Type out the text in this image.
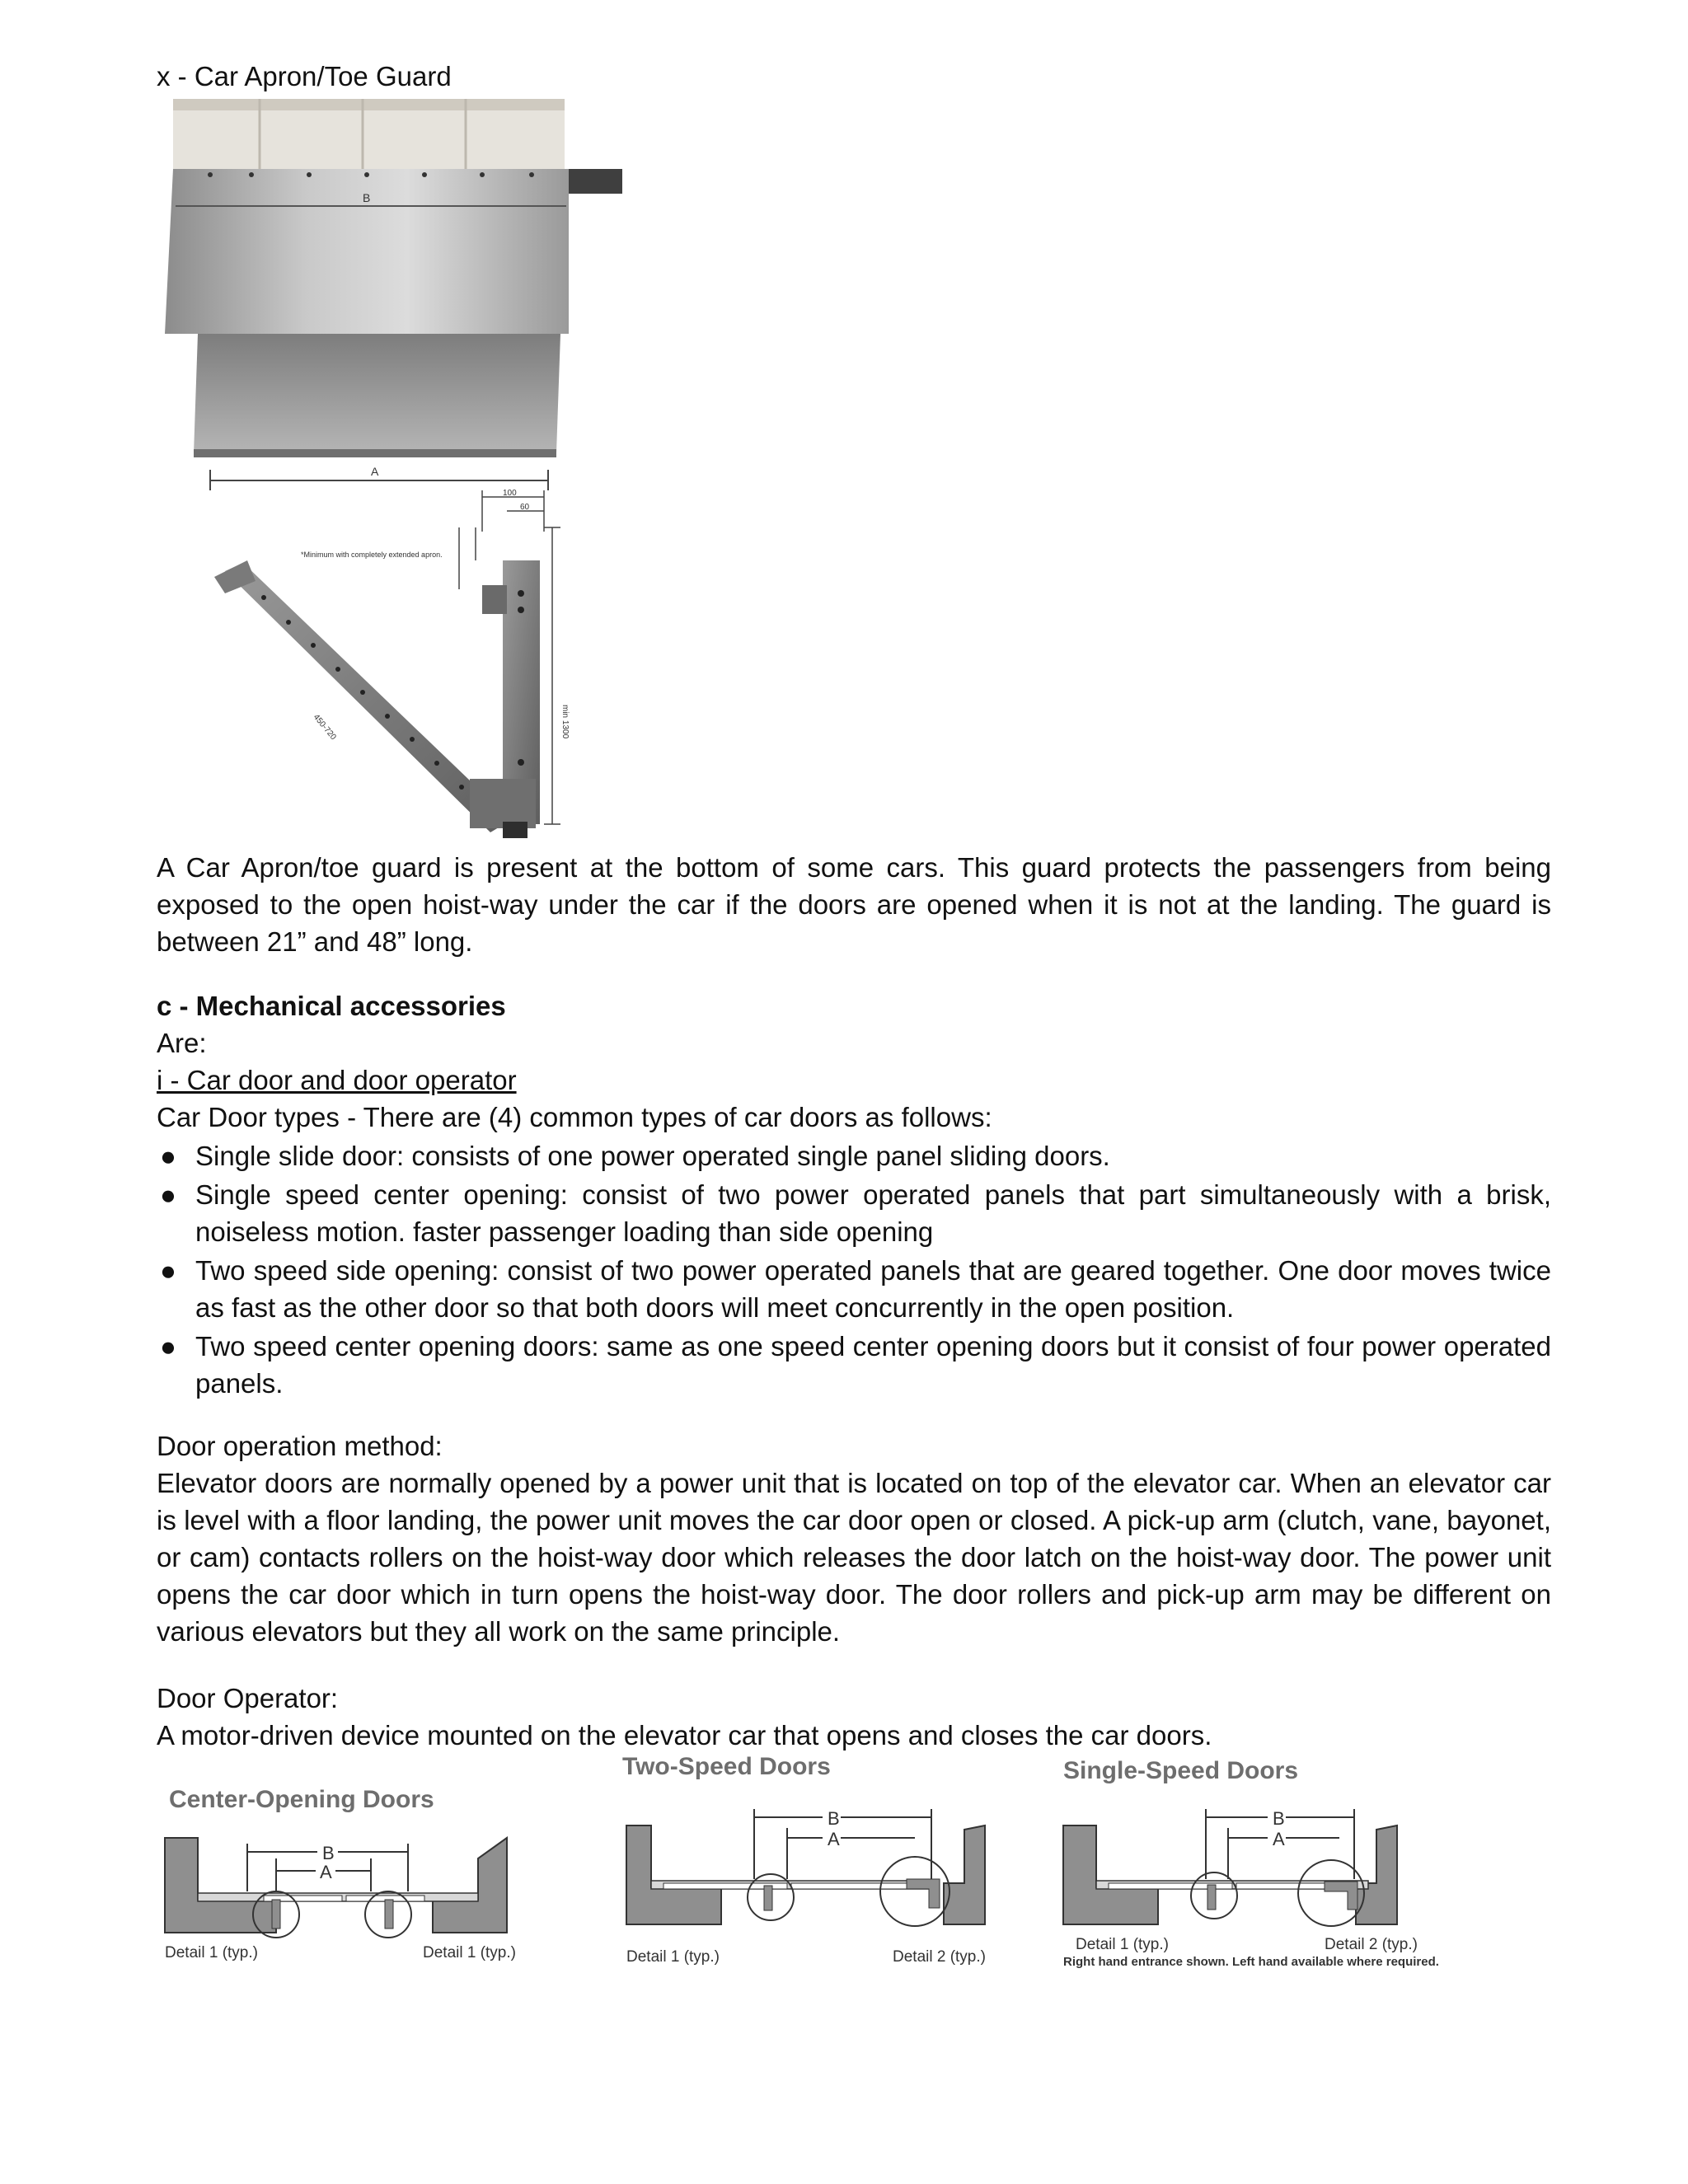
x - Car Apron/Toe Guard
B
A
100
60
min 1300
*Minimum with completely extended apron.
450-720
A Car Apron/toe guard is present at the bottom of some cars. This guard protects the passengers from being exposed to the open hoist-way under the car if the doors are opened when it is not at the landing. The guard is between 21” and 48” long.
c - Mechanical accessories
Are:
i - Car door and door operator
Car Door types - There are (4) common types of car doors as follows:
● Single slide door: consists of one power operated single panel sliding doors.
● Single speed center opening: consist of two power operated panels that part simultaneously with a brisk, noiseless motion. faster passenger loading than side opening
● Two speed side opening: consist of two power operated panels that are geared together. One door moves twice as fast as the other door so that both doors will meet concurrently in the open position.
● Two speed center opening doors: same as one speed center opening doors but it consist of four power operated panels.
Door operation method:
Elevator doors are normally opened by a power unit that is located on top of the elevator car. When an elevator car is level with a floor landing, the power unit moves the car door open or closed. A pick-up arm (clutch, vane, bayonet, or cam) contacts rollers on the hoist-way door which releases the door latch on the hoist-way door. The power unit opens the car door which in turn opens the hoist-way door. The door rollers and pick-up arm may be different on various elevators but they all work on the same principle.
Door Operator:
A motor-driven device mounted on the elevator car that opens and closes the car doors.
Center-Opening Doors
B
A
Detail 1 (typ.)	Detail 1 (typ.)
Two-Speed Doors
B
A
Detail 1 (typ.)	Detail 2 (typ.)
Single-Speed Doors
B
A
Detail 1 (typ.)	Detail 2 (typ.)
Right hand entrance shown. Left hand available where required.
